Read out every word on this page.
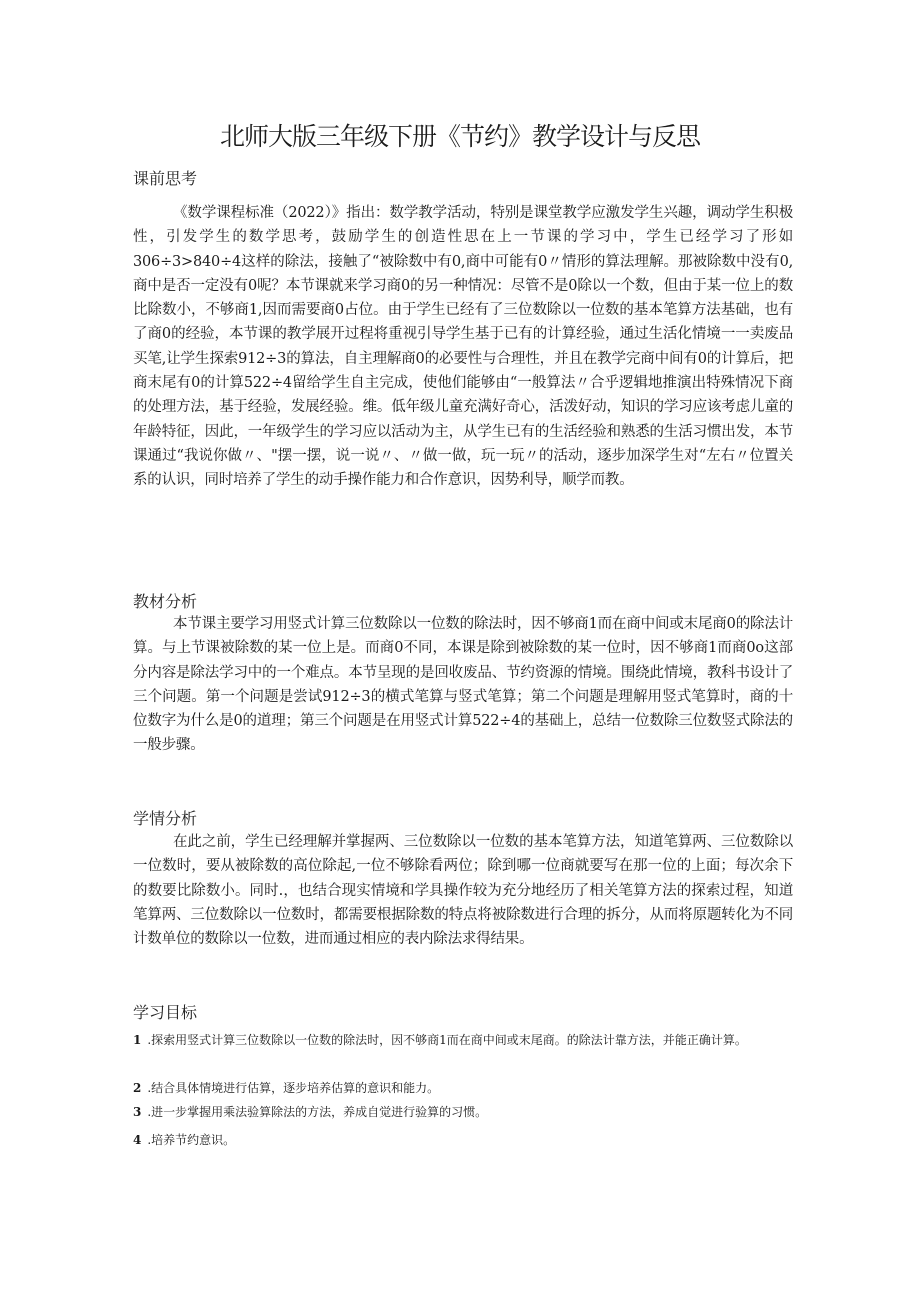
北师大版三年级下册《节约》教学设计与反思
课前思考

《数学课程标准（2022）》指出：数学教学活动，特别是课堂教学应激发学生兴趣，调动学生积极性，引发学生的数学思考，鼓励学生的创造性思在上一节课的学习中，学生已经学习了形如306÷3>840÷4这样的除法，接触了“被除数中有0,商中可能有0〃情形的算法理解。那被除数中没有0,商中是否一定没有0呢？本节课就来学习商0的另一种情况：尽管不是0除以一个数，但由于某一位上的数比除数小，不够商1,因而需要商0占位。由于学生已经有了三位数除以一位数的基本笔算方法基础，也有了商0的经验，本节课的教学展开过程将重视引导学生基于已有的计算经验，通过生活化情境一一卖废品买笔,让学生探索912÷3的算法，自主理解商0的必要性与合理性，并且在教学完商中间有0的计算后，把商末尾有0的计算522÷4留给学生自主完成，使他们能够由“一般算法〃合乎逻辑地推演出特殊情况下商的处理方法，基于经验，发展经验。维。低年级儿童充满好奇心，活泼好动，知识的学习应该考虑儿童的年龄特征，因此，一年级学生的学习应以活动为主，从学生已有的生活经验和熟悉的生活习惯出发，本节课通过“我说你做〃、"摆一摆，说一说〃、〃做一做，玩一玩〃的活动，逐步加深学生对“左右〃位置关系的认识，同时培养了学生的动手操作能力和合作意识，因势利导，顺学而教。

教材分析

本节课主要学习用竖式计算三位数除以一位数的除法时，因不够商1而在商中间或末尾商0的除法计算。与上节课被除数的某一位上是。而商0不同，本课是除到被除数的某一位时，因不够商1而商0o这部分内容是除法学习中的一个难点。本节呈现的是回收废品、节约资源的情境。围绕此情境，教科书设计了三个问题。第一个问题是尝试912÷3的横式笔算与竖式笔算；第二个问题是理解用竖式笔算时，商的十位数字为什么是0的道理；第三个问题是在用竖式计算522÷4的基础上，总结一位数除三位数竖式除法的一般步骤。

学情分析

在此之前，学生已经理解并掌握两、三位数除以一位数的基本笔算方法，知道笔算两、三位数除以一位数时，要从被除数的高位除起,一位不够除看两位；除到哪一位商就要写在那一位的上面；每次余下的数要比除数小。同时.，也结合现实情境和学具操作较为充分地经历了相关笔算方法的探索过程，知道笔算两、三位数除以一位数时，都需要根据除数的特点将被除数进行合理的拆分，从而将原题转化为不同计数单位的数除以一位数，进而通过相应的表内除法求得结果。

学习目标
1 .探索用竖式计算三位数除以一位数的除法时，因不够商1而在商中间或末尾商。的除法计靠方法，并能正确计算。
2 .结合具体情境进行估算，逐步培养估算的意识和能力。
3 .进一步掌握用乘法验算除法的方法，养成自觉进行验算的习惯。
4 .培养节约意识。
